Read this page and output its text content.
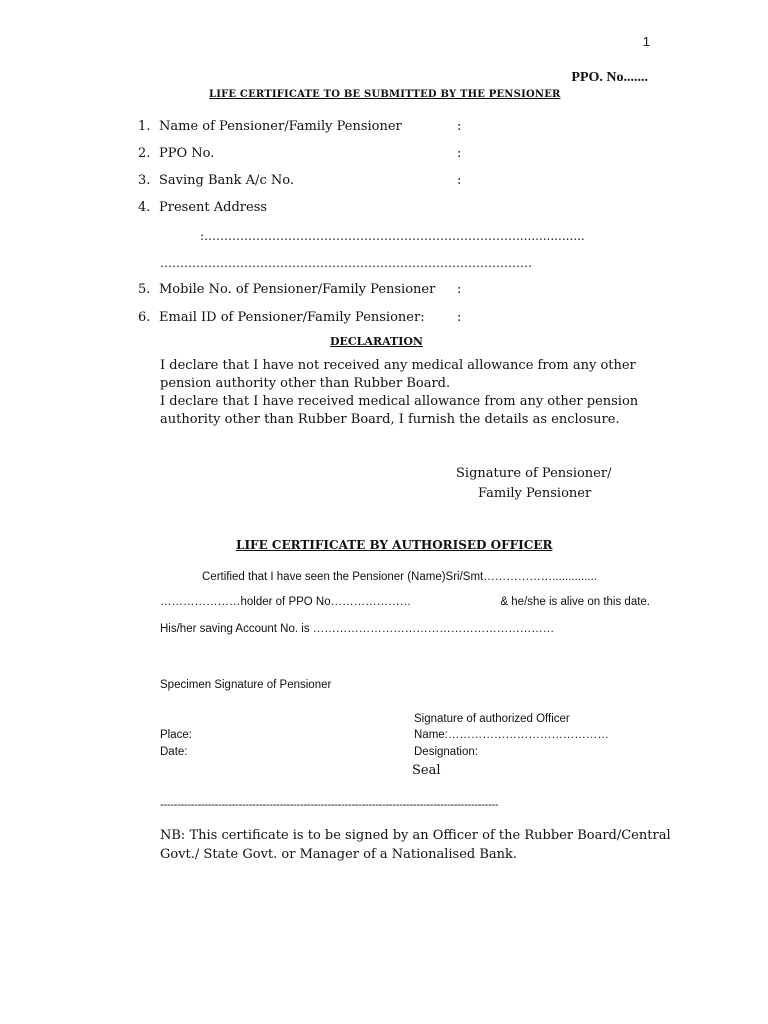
1
PPO. No.......
LIFE CERTIFICATE TO BE SUBMITTED BY THE PENSIONER
1. Name of Pensioner/Family Pensioner	:
2. PPO No.	:
3. Saving Bank A/c No.	:
4. Present Address
:……………………………………………………………………..................
…………………………………………………………………………………
5. Mobile No. of Pensioner/Family Pensioner :
6. Email ID of Pensioner/Family Pensioner: :
DECLARATION
I declare that I have not received any medical allowance from any other
pension authority other than Rubber Board.
I declare that I have received medical allowance from any other pension
authority other than Rubber Board, I furnish the details as enclosure.
Signature of Pensioner/
Family Pensioner
LIFE CERTIFICATE BY AUTHORISED OFFICER
Certified that I have seen the Pensioner (Name)Sri/Smt………………..............
…………………holder of PPO No…………………	& he/she is alive on this date.
His/her saving Account No. is ………………………………………………………
Specimen Signature of Pensioner
Signature of authorized Officer
Place:	Name:……………………………………
Date:	Designation:
Seal
---------------------------------------------------------------------------------------------------
NB: This certificate is to be signed by an Officer of the Rubber Board/Central
Govt./ State Govt. or Manager of a Nationalised Bank.
